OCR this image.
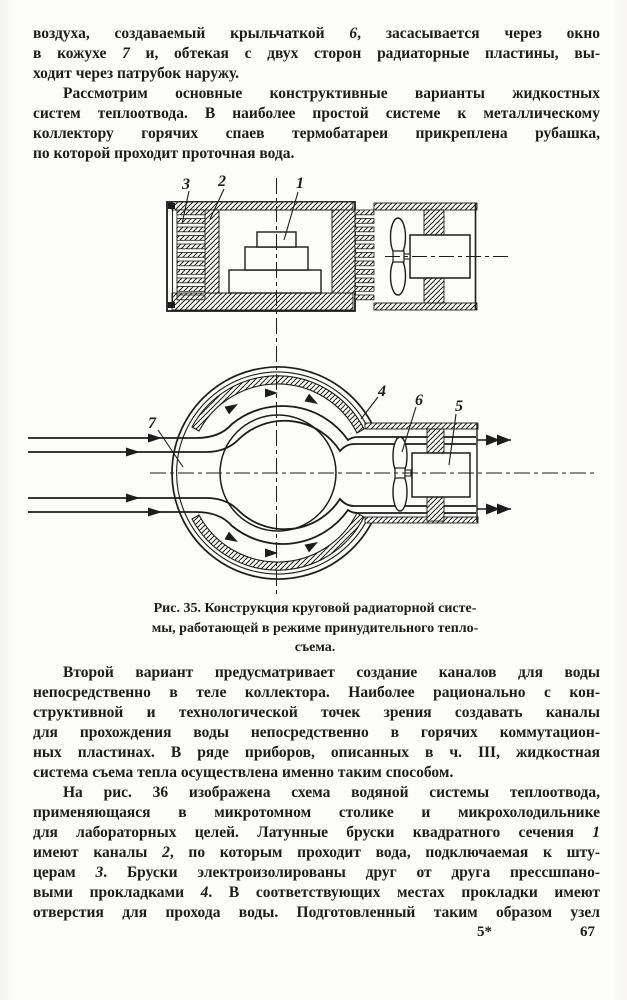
воздуха, создаваемый крыльчаткой 6, засасывается через окно
в кожухе 7 и, обтекая с двух сторон радиаторные пластины, вы-
ходит через патрубок наружу.
Рассмотрим основные конструктивные варианты жидкостных
систем теплоотвода. В наиболее простой системе к металлическому
коллектору горячих спаев термобатареи прикреплена рубашка,
по которой проходит проточная вода.
3 2	1
7
4
6 5
Рис. 35. Конструкция круговой радиаторной систе-
мы, работающей в режиме принудительного тепло-
съема.
Второй вариант предусматривает создание каналов для воды
непосредственно в теле коллектора. Наиболее рационально с кон-
структивной и технологической точек зрения создавать каналы
для прохождения воды непосредственно в горячих коммутацион-
ных пластинах. В ряде приборов, описанных в ч. III, жидкостная
система съема тепла осуществлена именно таким способом.
На рис. 36 изображена схема водяной системы теплоотвода,
применяющаяся в микротомном столике и микрохолодильнике
для лабораторных целей. Латунные бруски квадратного сечения 1
имеют каналы 2, по которым проходит вода, подключаемая к шту-
церам 3. Бруски электроизолированы друг от друга прессшпано-
выми прокладками 4. В соответствующих местах прокладки имеют
отверстия для прохода воды. Подготовленный таким образом узел
5*	67
